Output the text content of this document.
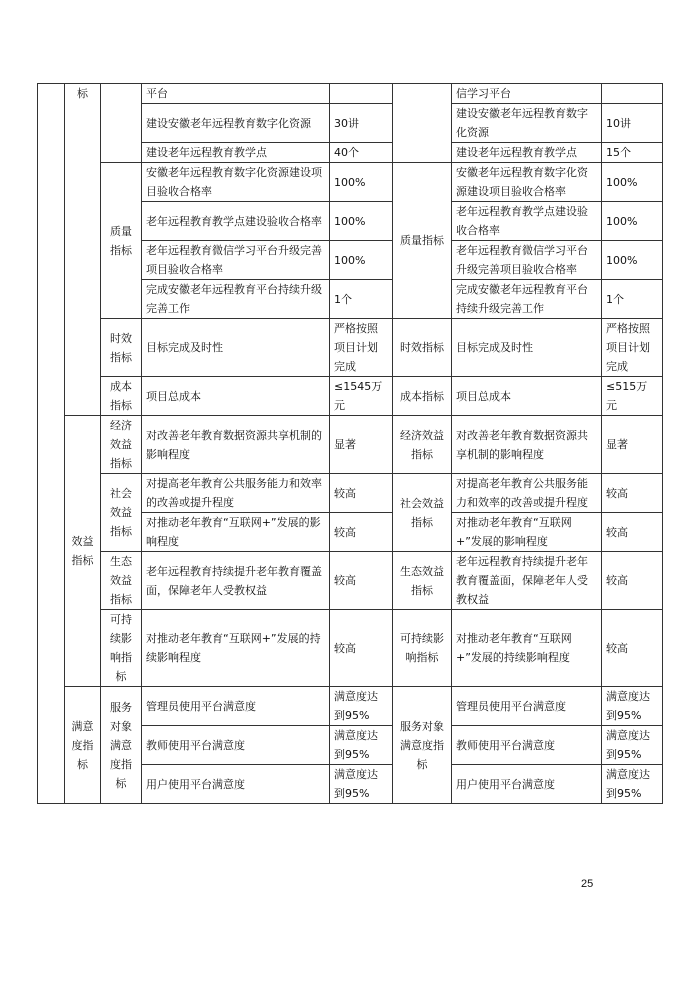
	标		平台			信学习平台	
			建设安徽老年远程教育数字化资源	30讲		建设安徽老年远程教育数字化资源	10讲
			建设老年远程教育教学点	40个		建设老年远程教育教学点	15个
		质量指标	安徽老年远程教育数字化资源建设项目验收合格率	100%	质量指标	安徽老年远程教育数字化资源建设项目验收合格率	100%
			老年远程教育教学点建设验收合格率	100%		老年远程教育教学点建设验收合格率	100%
			老年远程教育微信学习平台升级完善项目验收合格率	100%		老年远程教育微信学习平台升级完善项目验收合格率	100%
			完成安徽老年远程教育平台持续升级完善工作	1个		完成安徽老年远程教育平台持续升级完善工作	1个
		时效指标	目标完成及时性	严格按照项目计划完成	时效指标	目标完成及时性	严格按照项目计划完成
		成本指标	项目总成本	≤1545万元	成本指标	项目总成本	≤515万元
	效益指标	经济效益指标	对改善老年教育数据资源共享机制的影响程度	显著	经济效益指标	对改善老年教育数据资源共享机制的影响程度	显著
		社会效益指标	对提高老年教育公共服务能力和效率的改善或提升程度	较高	社会效益指标	对提高老年教育公共服务能力和效率的改善或提升程度	较高
			对推动老年教育“互联网+”发展的影响程度	较高		对推动老年教育“互联网+”发展的影响程度	较高
		生态效益指标	老年远程教育持续提升老年教育覆盖面，保障老年人受教权益	较高	生态效益指标	老年远程教育持续提升老年教育覆盖面，保障老年人受教权益	较高
		可持续影响指标	对推动老年教育“互联网+”发展的持续影响程度	较高	可持续影响指标	对推动老年教育“互联网+”发展的持续影响程度	较高
	满意度指标	服务对象满意度指标	管理员使用平台满意度	满意度达到95%	服务对象满意度指标	管理员使用平台满意度	满意度达到95%
			教师使用平台满意度	满意度达到95%		教师使用平台满意度	满意度达到95%
			用户使用平台满意度	满意度达到95%		用户使用平台满意度	满意度达到95%
25
